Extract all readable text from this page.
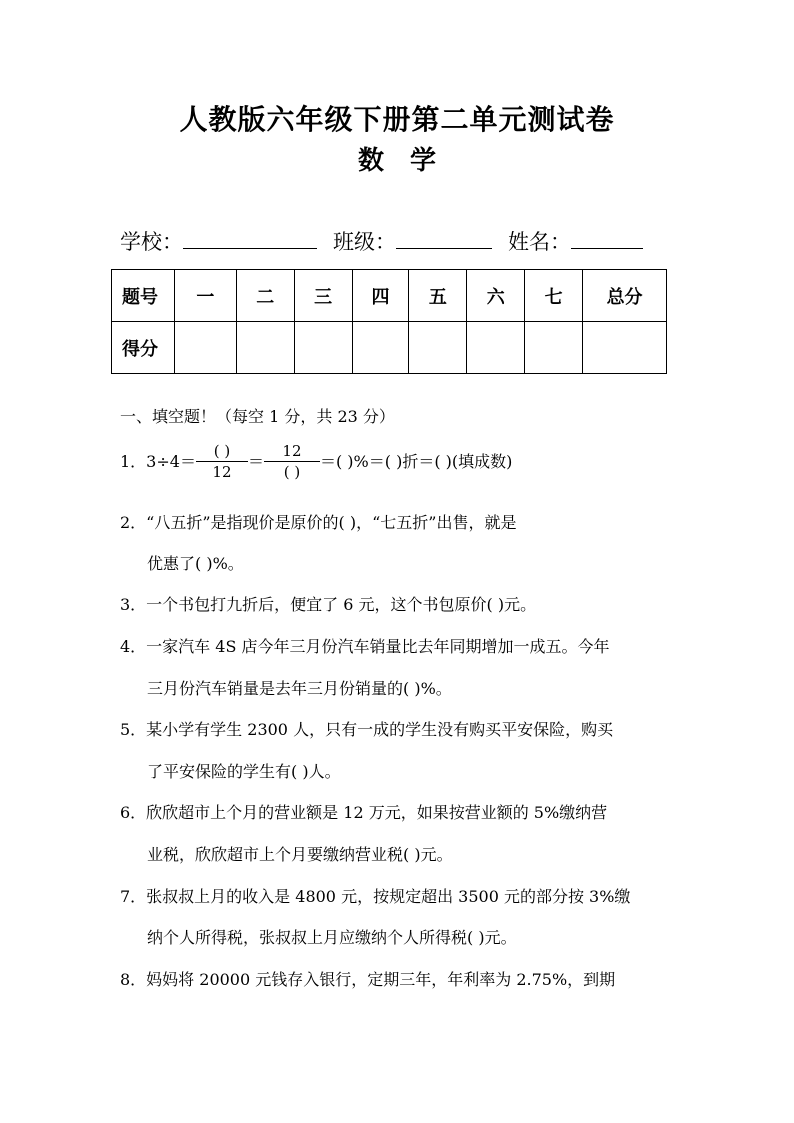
人教版六年级下册第二单元测试卷
数　学
学校：	班级：	姓名：
题号	一	二	三	四	五	六	七	总分
得分								
一、填空题！（每空 1 分，共 23 分）
1．$3\div 4= \frac{( )}{12} = \frac{12}{( )}$ ＝( )%＝( )折＝( )(填成数)
2．“八五折”是指现价是原价的( )，“七五折”出售，就是
优惠了( )%。
3．一个书包打九折后，便宜了 6 元，这个书包原价( )元。
4．一家汽车 4S 店今年三月份汽车销量比去年同期增加一成五。今年
三月份汽车销量是去年三月份销量的( )%。
5．某小学有学生 2300 人，只有一成的学生没有购买平安保险，购买
了平安保险的学生有( )人。
6．欣欣超市上个月的营业额是 12 万元，如果按营业额的 5%缴纳营
业税，欣欣超市上个月要缴纳营业税( )元。
7．张叔叔上月的收入是 4800 元，按规定超出 3500 元的部分按 3%缴
纳个人所得税，张叔叔上月应缴纳个人所得税( )元。
8．妈妈将 20000 元钱存入银行，定期三年，年利率为 2.75%，到期
